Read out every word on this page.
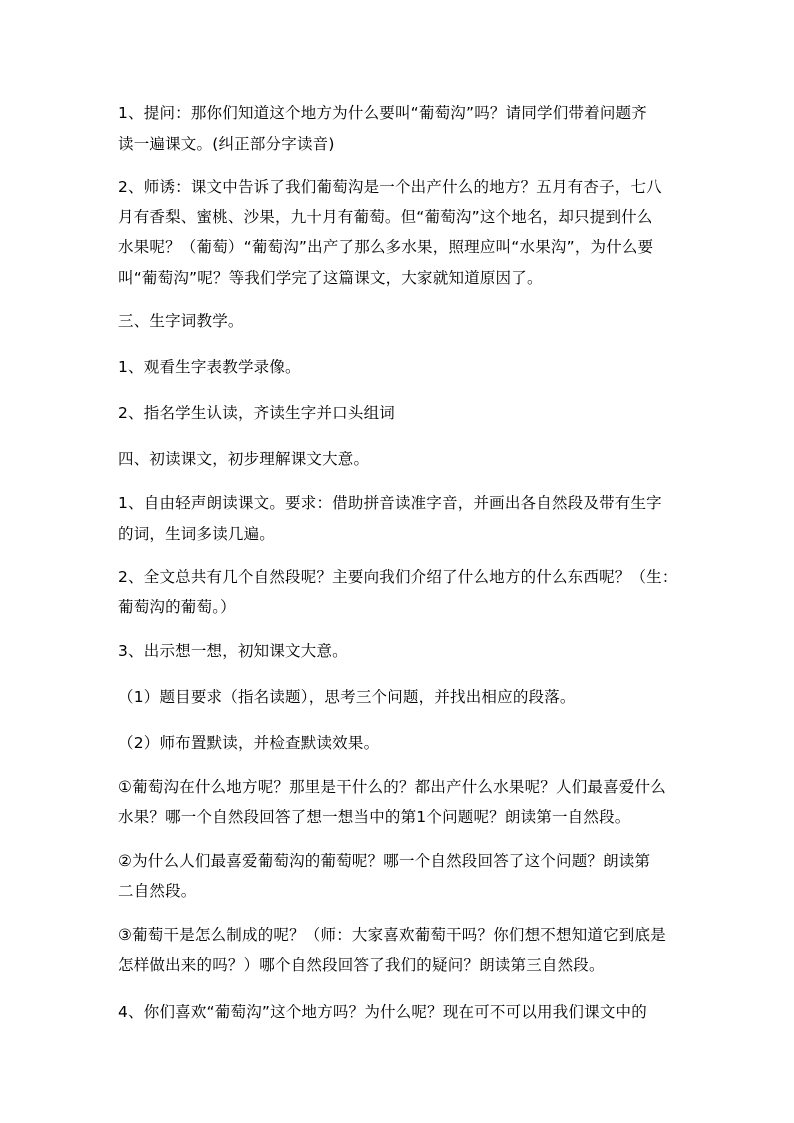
1、提问：那你们知道这个地方为什么要叫“葡萄沟”吗？请同学们带着问题齐
读一遍课文。(纠正部分字读音)
2、师诱：课文中告诉了我们葡萄沟是一个出产什么的地方？五月有杏子，七八
月有香梨、蜜桃、沙果，九十月有葡萄。但“葡萄沟”这个地名，却只提到什么
水果呢？（葡萄）“葡萄沟”出产了那么多水果，照理应叫“水果沟”，为什么要
叫“葡萄沟”呢？等我们学完了这篇课文，大家就知道原因了。
三、生字词教学。
1、观看生字表教学录像。
2、指名学生认读，齐读生字并口头组词
四、初读课文，初步理解课文大意。
1、自由轻声朗读课文。要求：借助拼音读准字音，并画出各自然段及带有生字
的词，生词多读几遍。
2、全文总共有几个自然段呢？主要向我们介绍了什么地方的什么东西呢？（生：
葡萄沟的葡萄。）
3、出示想一想，初知课文大意。
（1）题目要求（指名读题），思考三个问题，并找出相应的段落。
（2）师布置默读，并检查默读效果。
①葡萄沟在什么地方呢？那里是干什么的？都出产什么水果呢？人们最喜爱什么
水果？哪一个自然段回答了想一想当中的第1个问题呢？朗读第一自然段。
②为什么人们最喜爱葡萄沟的葡萄呢？哪一个自然段回答了这个问题？朗读第
二自然段。
③葡萄干是怎么制成的呢？（师：大家喜欢葡萄干吗？你们想不想知道它到底是
怎样做出来的吗？）哪个自然段回答了我们的疑问？朗读第三自然段。
4、你们喜欢“葡萄沟”这个地方吗？为什么呢？现在可不可以用我们课文中的
